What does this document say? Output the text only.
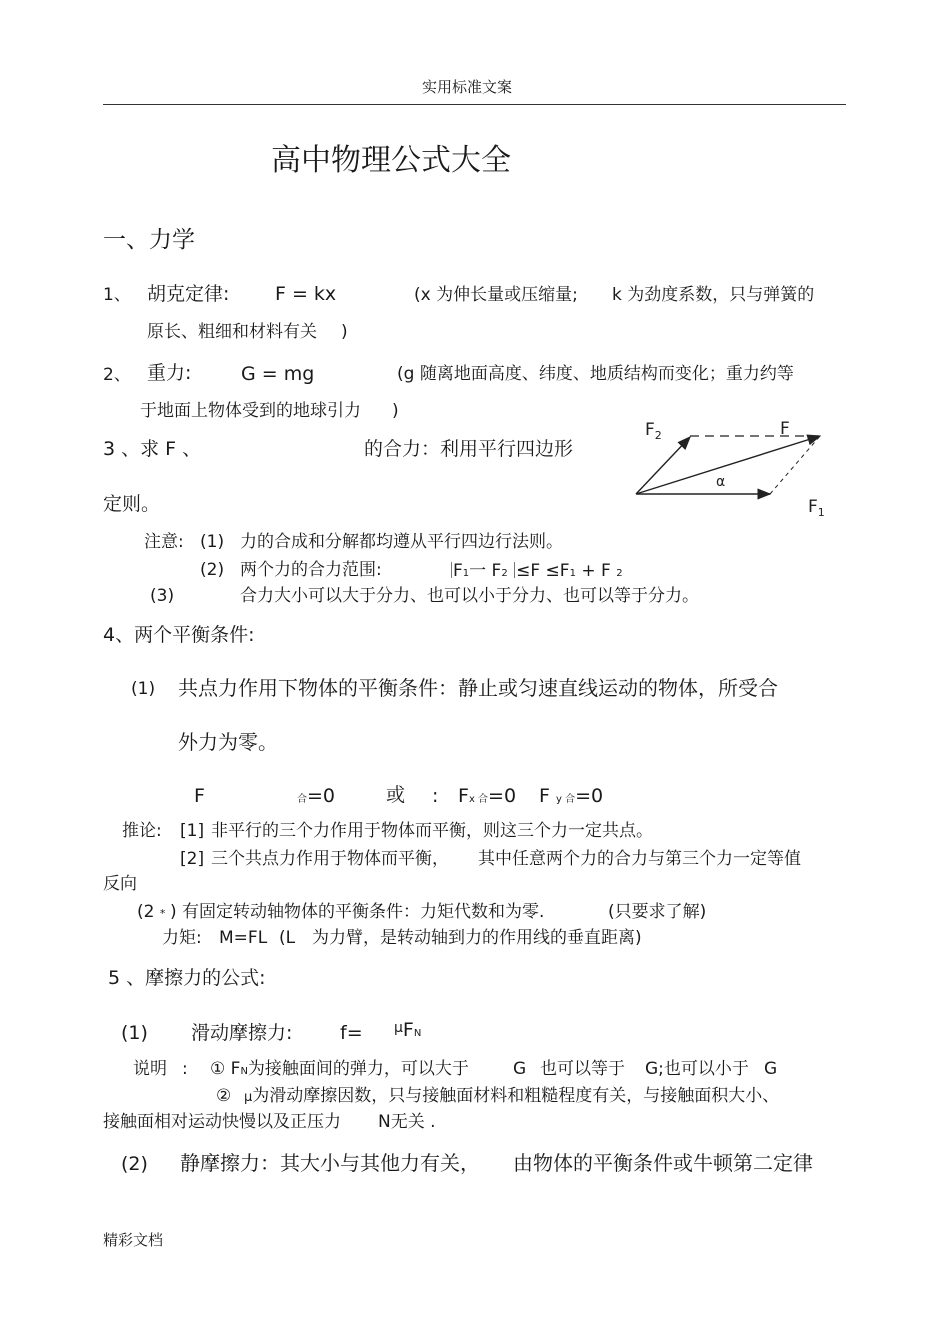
实用标准文案
高中物理公式大全
一、力学
1、 胡克定律: F = kx	(x 为伸长量或压缩量; k 为劲度系数，只与弹簧的
原长、粗细和材料有关 )
2、 重力:	G = mg	(g 随离地面高度、纬度、地质结构而变化；重力约等
于地面上物体受到的地球引力 )
3 、求 F 、	的合力：利用平行四边形
定则。
$F_2$	F
α
$F_1$
注意: (1) 力的合成和分解都均遵从平行四边行法则。
(2) 两个力的合力范围:	F1一 F2 ≤F ≤F1 + F 2
(3)	合力大小可以大于分力、也可以小于分力、也可以等于分力。
4、两个平衡条件:
(1) 共点力作用下物体的平衡条件：静止或匀速直线运动的物体，所受合
外力为零。
F	合=0	或 : Fx 合=0 F y 合=0
推论: [1] 非平行的三个力作用于物体而平衡，则这三个力一定共点。
[2] 三个共点力作用于物体而平衡， 其中任意两个力的合力与第三个力一定等值
反向
(2 * ) 有固定转动轴物体的平衡条件：力矩代数和为零.	(只要求了解)
力矩: M=FL (L 为力臂，是转动轴到力的作用线的垂直距离)
5 、摩擦力的公式:
(1) 滑动摩擦力:	f= $^\mu$FN
说明 : ① FN为接触面间的弹力，可以大于	G 也可以等于 G;也可以小于 G
② μ为滑动摩擦因数，只与接触面材料和粗糙程度有关，与接触面积大小、
接触面相对运动快慢以及正压力 N无关 .
(2) 静摩擦力：其大小与其他力有关， 由物体的平衡条件或牛顿第二定律
精彩文档
